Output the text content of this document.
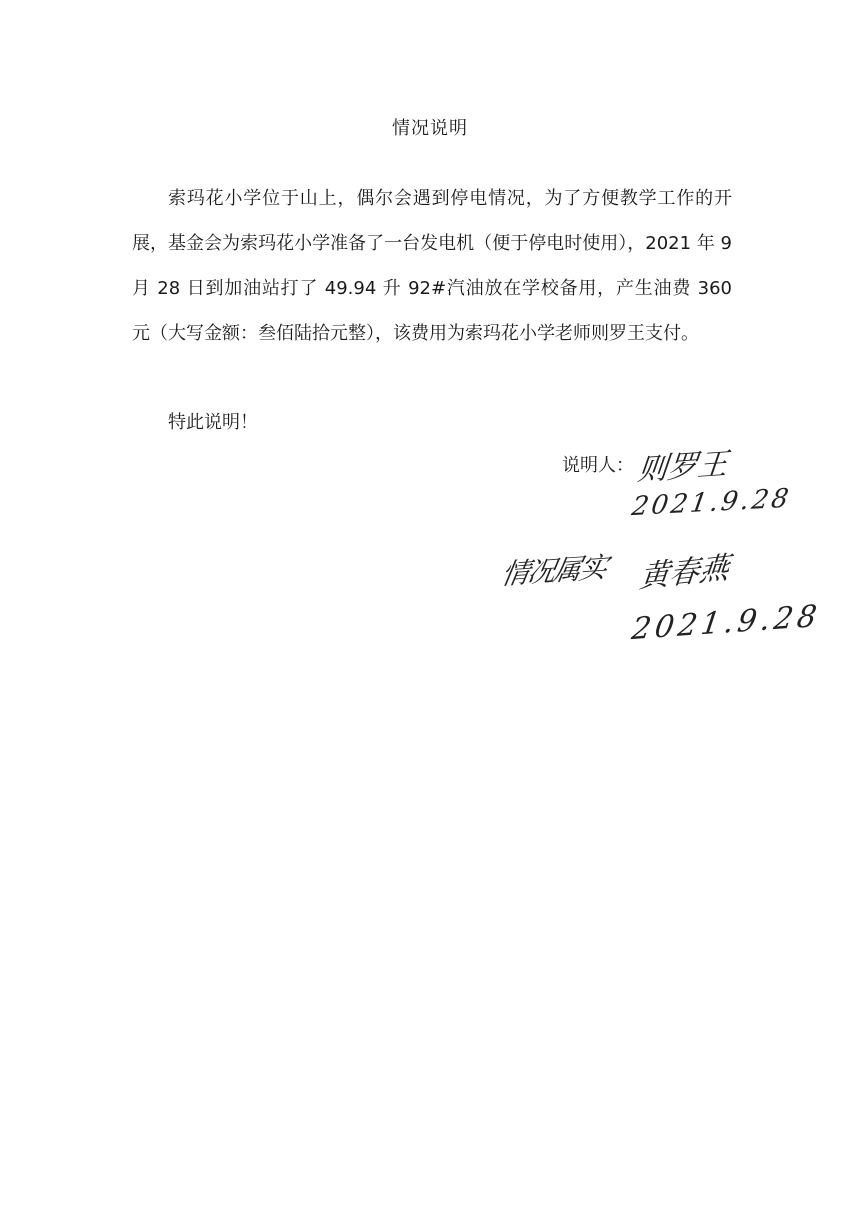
情况说明

索玛花小学位于山上，偶尔会遇到停电情况，为了方便教学工作的开展，基金会为索玛花小学准备了一台发电机（便于停电时使用），2021 年 9 月 28 日到加油站打了 49.94 升 92#汽油放在学校备用，产生油费 360 元（大写金额：叁佰陆拾元整），该费用为索玛花小学老师则罗王支付。

特此说明！
说明人： 则罗王
2021.9.28
情况属实 黄春燕
2021.9.28
